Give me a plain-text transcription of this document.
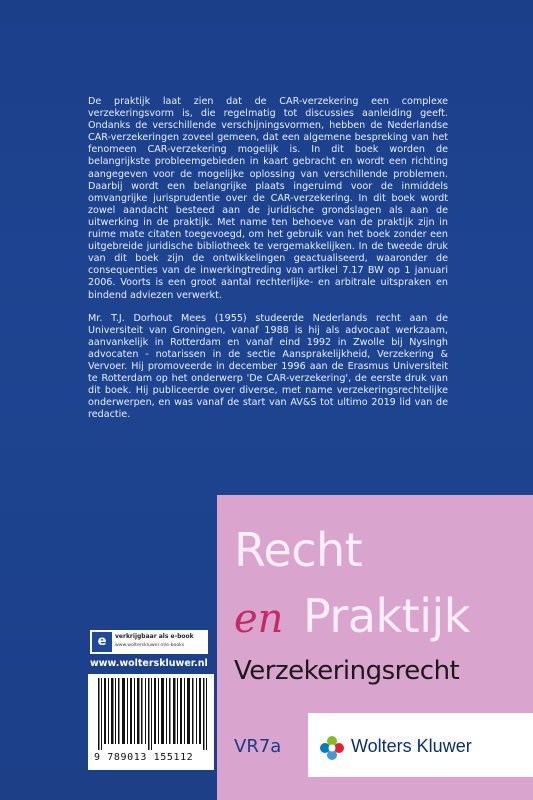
De praktijk laat zien dat de CAR-verzekering een complexe verzekeringsvorm is, die regelmatig tot discussies aanleiding geeft. Ondanks de verschillende verschijningsvormen, hebben de Nederlandse CAR-verzekeringen zoveel gemeen, dat een algemene bespreking van het fenomeen CAR-verzekering mogelijk is. In dit boek worden de belangrijkste probleemgebieden in kaart gebracht en wordt een richting aangegeven voor de mogelijke oplossing van verschillende problemen. Daarbij wordt een belangrijke plaats ingeruimd voor de inmiddels omvangrijke jurisprudentie over de CAR-verzekering. In dit boek wordt zowel aandacht besteed aan de juridische grondslagen als aan de uitwerking in de praktijk. Met name ten behoeve van de praktijk zijn in ruime mate citaten toegevoegd, om het gebruik van het boek zonder een uitgebreide juridische bibliotheek te vergemakkelijken. In de tweede druk van dit boek zijn de ontwikkelingen geactualiseerd, waaronder de consequenties van de inwerkingtreding van artikel 7.17 BW op 1 januari 2006. Voorts is een groot aantal rechterlijke- en arbitrale uitspraken en bindend adviezen verwerkt.

Mr. T.J. Dorhout Mees (1955) studeerde Nederlands recht aan de Universiteit van Groningen, vanaf 1988 is hij als advocaat werkzaam, aanvankelijk in Rotterdam en vanaf eind 1992 in Zwolle bij Nysingh advocaten - notarissen in de sectie Aansprakelijkheid, Verzekering & Vervoer. Hij promoveerde in december 1996 aan de Erasmus Universiteit te Rotterdam op het onderwerp 'De CAR-verzekering', de eerste druk van dit boek. Hij publiceerde over diverse, met name verzekeringsrechtelijke onderwerpen, en was vanaf de start van AV&S tot ultimo 2019 lid van de redactie.

Recht
en Praktijk
Verzekeringsrecht
VR7a	Wolters Kluwer
e	verkrijgbaar als e-book
www.wolterskluwer.nl/e-books
www.wolterskluwer.nl
9 789013 155112
